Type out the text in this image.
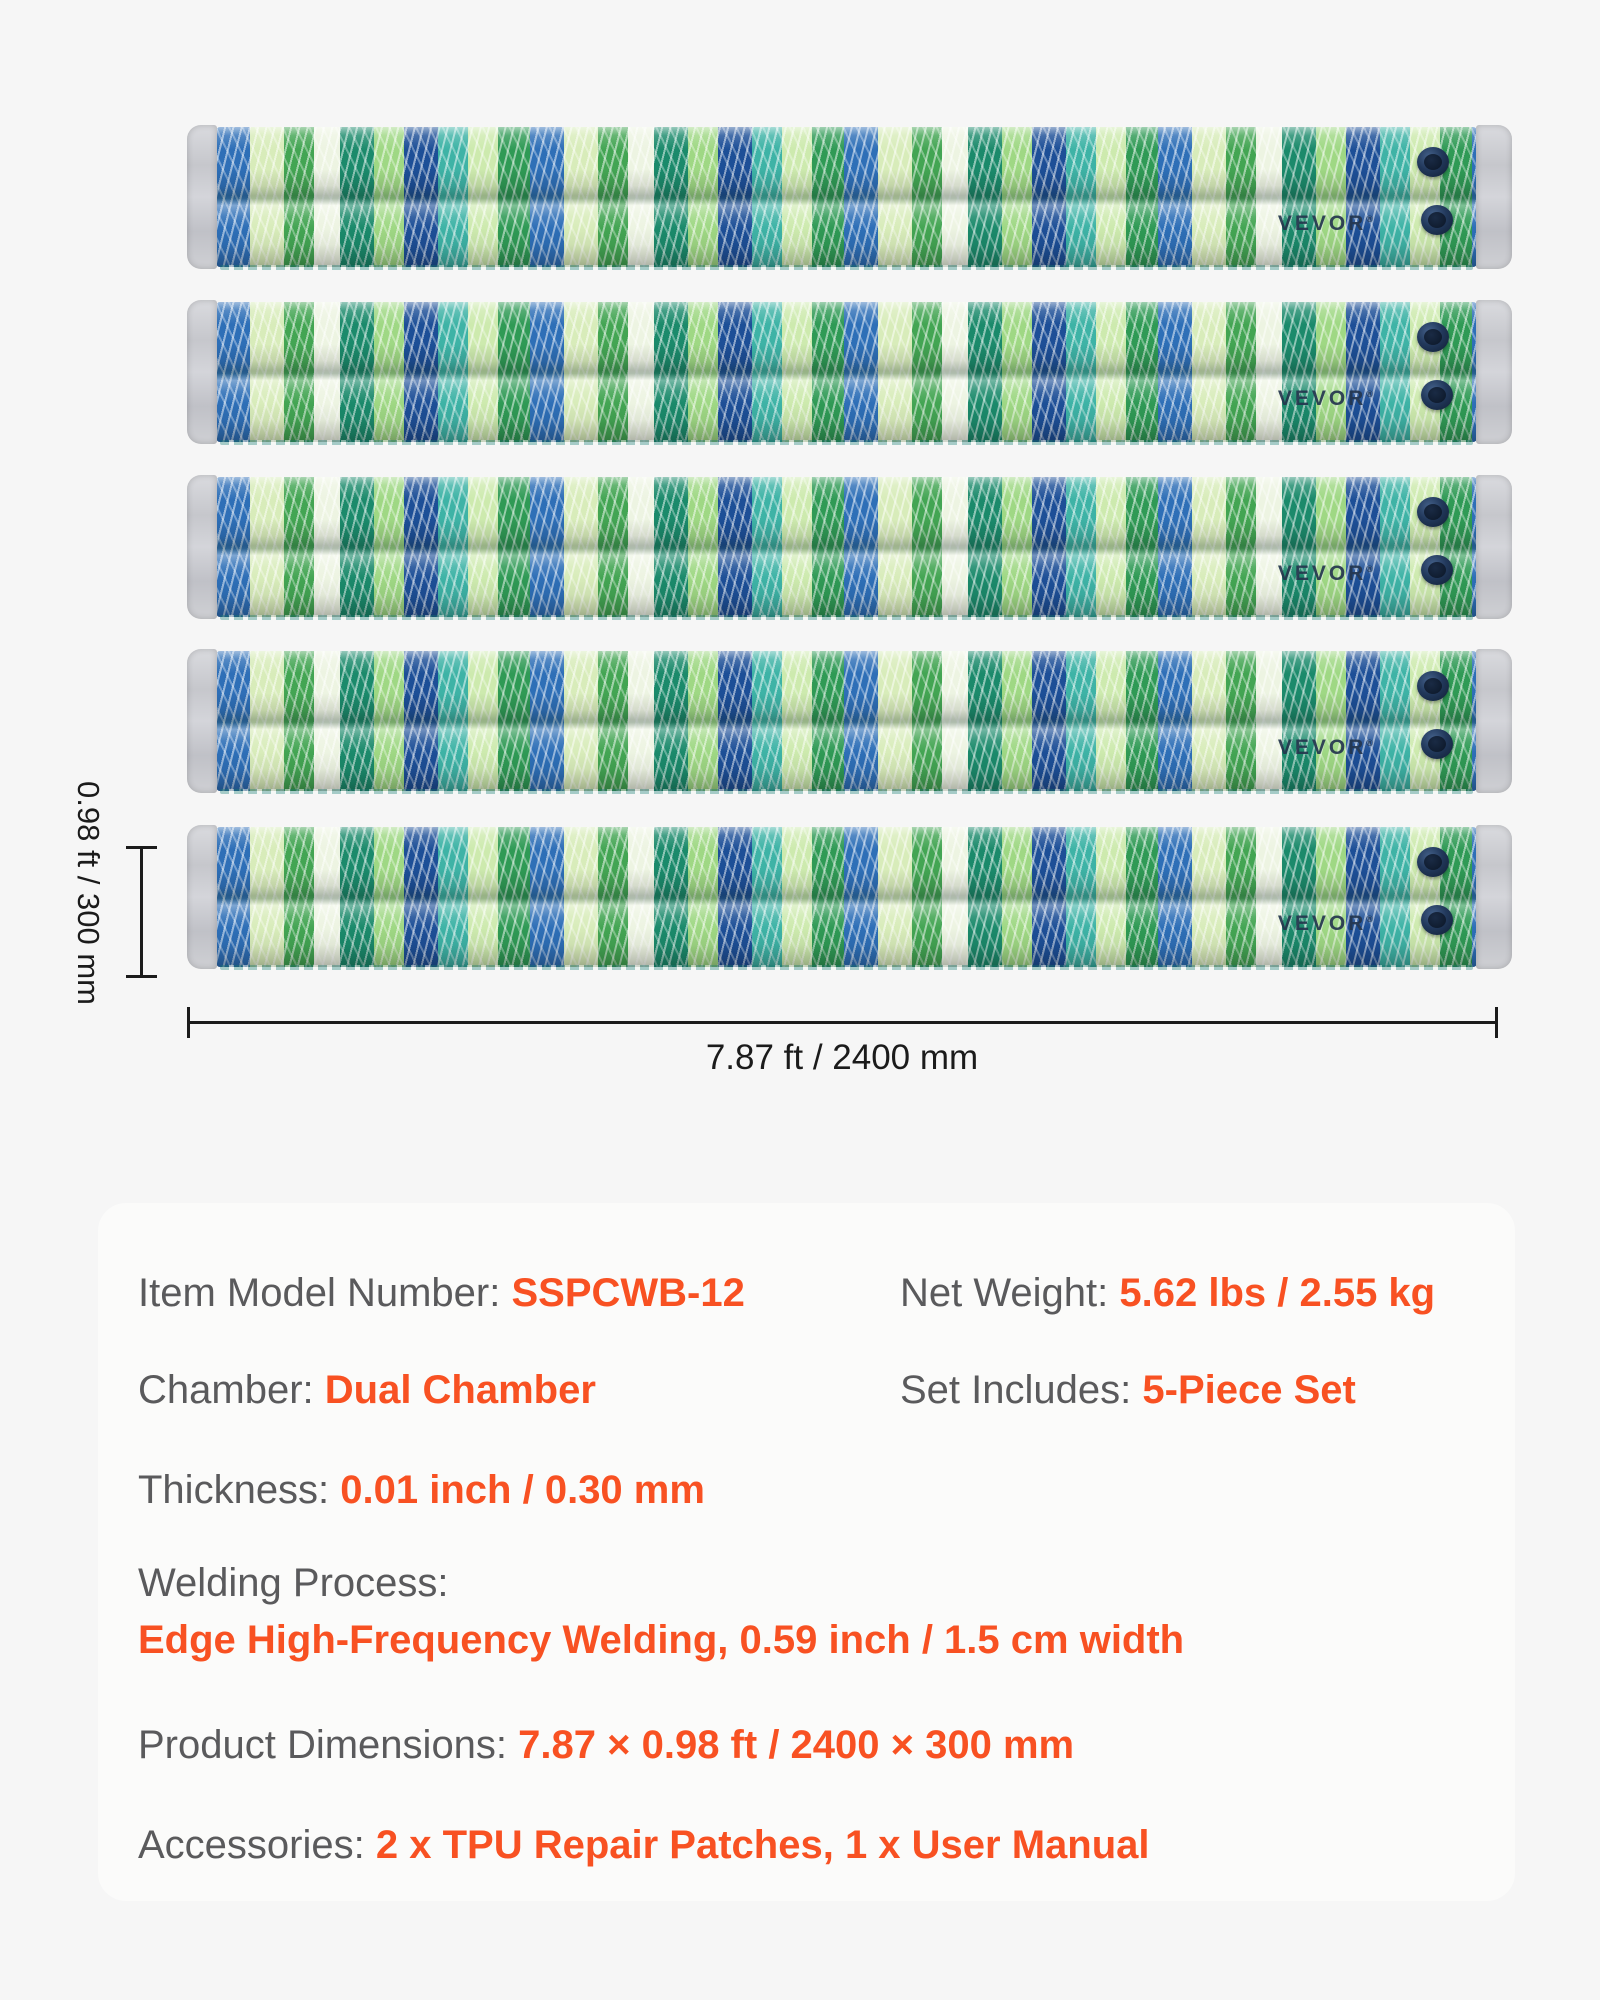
VEVOR®
VEVOR®
VEVOR®
VEVOR®
VEVOR®
0.98 ft / 300 mm
7.87 ft / 2400 mm
Item Model Number: SSPCWB-12	Net Weight: 5.62 lbs / 2.55 kg
Chamber: Dual Chamber	Set Includes: 5-Piece Set
Thickness: 0.01 inch / 0.30 mm
Welding Process:
Edge High-Frequency Welding, 0.59 inch / 1.5 cm width
Product Dimensions: 7.87 × 0.98 ft / 2400 × 300 mm
Accessories: 2 x TPU Repair Patches, 1 x User Manual
